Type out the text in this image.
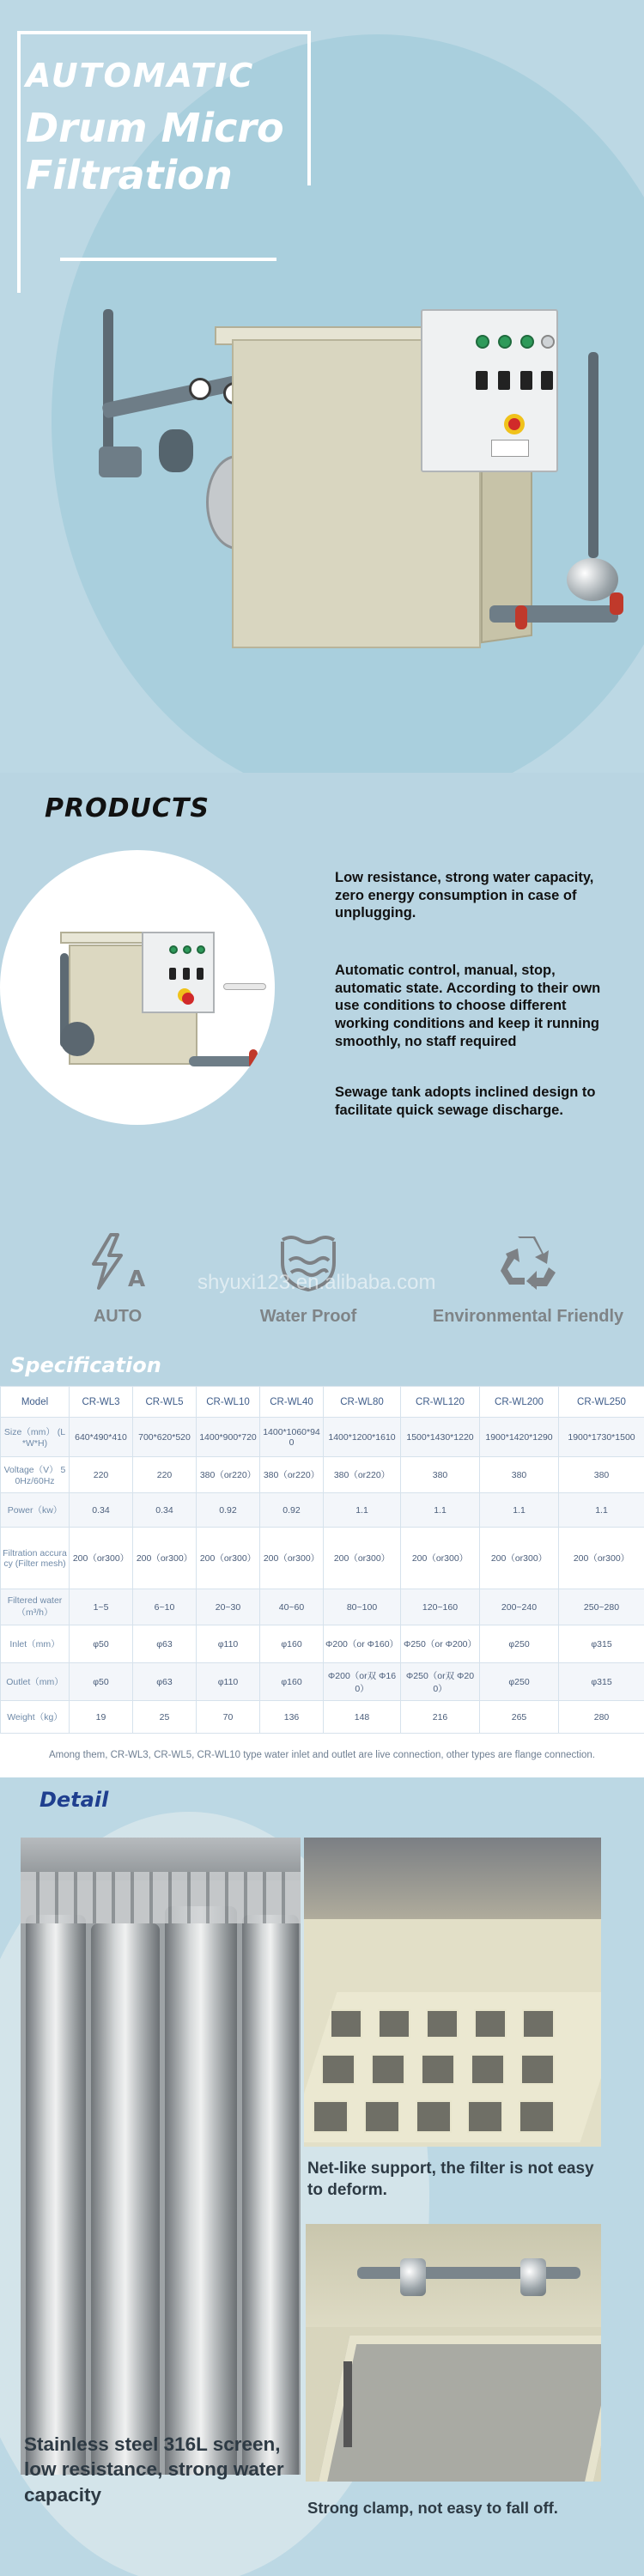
AUTOMATIC
Drum Micro
Filtration
PRODUCTS

Low resistance, strong water capacity, zero energy consumption in case of unplugging.

Automatic control, manual, stop, automatic state. According to their own use conditions to choose different working conditions and keep it running smoothly, no staff required

Sewage tank adopts inclined design to facilitate quick sewage discharge.

A
AUTO	Water Proof	Environmental Friendly
shyuxi123.en.alibaba.com
Specification
Model	CR-WL3	CR-WL5	CR-WL10	CR-WL40	CR-WL80	CR-WL120	CR-WL200	CR-WL250
Size（mm） (L*W*H)	640*490*410	700*620*520	1400*900*720	1400*1060*940	1400*1200*1610	1500*1430*1220	1900*1420*1290	1900*1730*1500
Voltage（V） 50Hz/60Hz	220	220	380（or220）	380（or220）	380（or220）	380	380	380
Power（kw）	0.34	0.34	0.92	0.92	1.1	1.1	1.1	1.1
Filtration accuracy (Filter mesh)	200（or300）	200（or300）	200（or300）	200（or300）	200（or300）	200（or300）	200（or300）	200（or300）
Filtered water（m³/h）	1~5	6~10	20~30	40~60	80~100	120~160	200~240	250~280
Inlet（mm）	φ50	φ63	φ110	φ160	Φ200（or Φ160）	Φ250（or Φ200）	φ250	φ315
Outlet（mm）	φ50	φ63	φ110	φ160	Φ200（or双 Φ160）	Φ250（or双 Φ200）	φ250	φ315
Weight（kg）	19	25	70	136	148	216	265	280

Among them, CR-WL3, CR-WL5, CR-WL10 type water inlet and outlet are live connection, other types are flange connection.

Detail
Stainless steel 316L screen, low resistance, strong water capacity
Net-like support, the filter is not easy to deform.
Strong clamp, not easy to fall off.
